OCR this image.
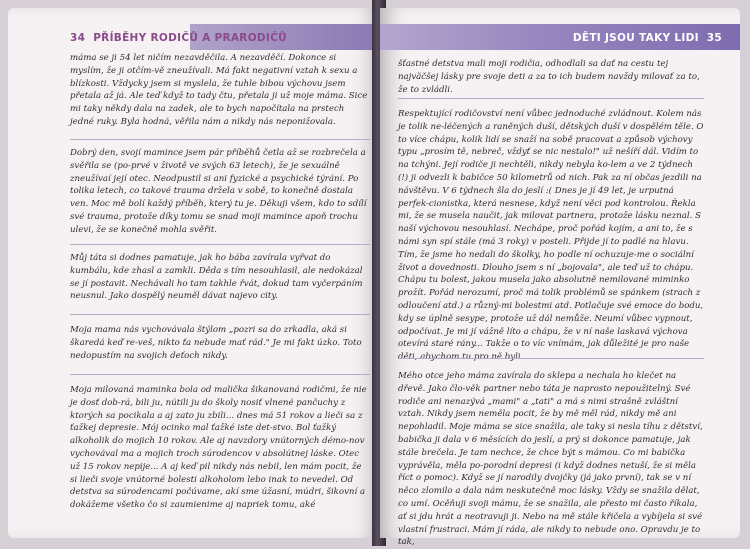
34 PŘÍBĚHY RODIČŮ A PRARODIČŮ

máma se ji 54 let ničím nezavděčila. A nezavděčí. Dokonce si myslím, že ji otčím-vě zneužívali. Má fakt negativní vztah k sexu a blízkosti. Vždycky jsem si myslela, že tuhle bibou výchovu jsem přetala až já. Ale teď když to tady čtu, přetala ji už moje máma. Sice mi taky někdy dala na zadek, ale to bych napočítala na prstech jedné ruky. Byla hodná, věřila nám a nikdy nás neponižovala.

Dobrý den, svojí mamince jsem pár příběhů četla až se rozbrečela a svěřila se (po-prvé v životě ve svých 63 letech), že je sexuálně zneužívaí její otec. Neodpustil si ani fyzické a psychické týrání. Po tolika letech, co takové trauma držela v sobě, to konečně dostala ven. Moc mě bolí každý příběh, který tu je. Děkuji všem, kdo to sdílí své trauma, protože díky tomu se snad moji mamince apoň trochu ulevi, že se konečně mohla svěřit.

Můj táta si dodnes pamatuje, jak ho bába zavírala vyřvat do kumbálu, kde zhasl a zamkli. Děda s tím nesouhlasil, ale nedokázal se jí postavit. Nechávali ho tam takhle řvát, dokud tam vyčerpáním neusnul. Jako dospělý neuměl dávat najevo city.

Moja mama nás vychovávala štýlom „pozri sa do zrkadla, aká si škaredá keď re-veš, nikto ťa nebude mať rád." Je mi fakt úzko. Toto nedopustím na svojich deťoch nikdy.

Moja milovaná maminka bola od malička šikanovaná rodičmi, že nie je dosť dob-rá, bili ju, nútili ju do školy nosiť vlnené pančuchy z ktorých sa pocikala a aj zato ju zbili... dnes má 51 rokov a lieči sa z ťažkej depresie. Mój ocinko mal ťažké iste det-stvo. Bol ťažký alkoholik do mojich 10 rokov. Ale aj navzdory vnútorných démo-nov vychovával ma a mojich troch súrodencov v absolútnej láske. Otec už 15 rokov nepije... A aj keď pil nikdy nás nebil, len mám pocit, že si lieči svoje vnútorné bolesti alkoholom lebo inak to nevedel. Od detstva sa súrodencami počúvame, akí sme úžasní, múdri, šikovní a dokážeme všetko čo si zaumienime aj napriek tomu, aké

DĚTI JSOU TAKY LIDI 35

šťastné detstva mali moji rodičia, odhodlali sa dať na cestu tej najväčšej lásky pre svoje deti a za to ich budem navždy milovať za to, že to zvládli.

Respektující rodičovství není vůbec jednoduché zvládnout. Kolem nás je tolik ne-léčených a raněných duší, dětských duší v dospělém těle. O to více chápu, kolik lidí se snaží na sobě pracovat a způsob výchovy typu „prosím tě, nebreč, vždyť se nic nestalo!" už nešíří dál. Vidím to na tchýni. Její rodiče ji nechtěli, nikdy nebyla ko-lem a ve 2 týdnech (!) ji odvezli k babičce 50 kilometrů od nich. Pak za ní občas jezdili na návštěvu. V 6 týdnech šla do jeslí :( Dnes je jí 49 let, je urputná perfek-cionistka, která nesnese, když není věci pod kontrolou. Řekla mi, že se musela naučit, jak milovat partnera, protože lásku neznal. S naší výchovou nesouhlasí. Nechápe, proč pořád kojím, a ani to, že s námi syn spí stále (má 3 roky) v posteli. Přijde jí to padlé na hlavu. Tím, že jsme ho nedali do školky, ho podle ní ochuzuje-me o sociální život a dovednosti. Dlouho jsem s ní „bojovala", ale teď už to chápu. Chápu tu bolest, jakou musela jako absolutně nemilované miminko prožít. Pořád nerozumí, proč má tolik problémů se spánkem (strach z odloučení atd.) a různý-mi bolestmi atd. Potlačuje své emoce do bodu, kdy se úplně sesype, protože už dál nemůže. Neumí vůbec vypnout, odpočívat. Je mi jí vážně líto a chápu, že v ní naše laskavá výchova otevírá staré rány... Takže o to víc vnímám, jak důležité je pro naše

Mého otce jeho máma zavírala do sklepa a nechala ho klečet na dřevě. Jako člo-věk partner nebo táta je naprosto nepoužitelný. Své rodiče ani nenazývá „mami" a „tati" a má s nimi strašně zvláštní vztah. Nikdy jsem neměla pocit, že by mě měl rád, nikdy mě ani nepohladil. Moje máma se sice snažila, ale taky si nesla tíhu z dětství, babička ji dala v 6 měsících do jeslí, a prý si dokonce pamatuje, jak stále brečela. Je tam nechce, že chce být s mámou. Co mi babička vyprávěla, měla po-porodní depresi (i když dodnes netuší, že si měla říct o pomoc). Když se jí narodily dvojčky (já jako první), tak se v ní něco zlomilo a dala nám neskutečně moc lásky. Vždy se snažila dělat, co umí. Ocěňuji svoji mámu, že se snažila, ale přesto mi často říkala, ať si jdu hrát a neotravuji ji. Nebo na mě stále křičela a vybíjela si své vlastní frustraci. Mám jí ráda, ale nikdy to nebude ono. Opravdu je to tak,
